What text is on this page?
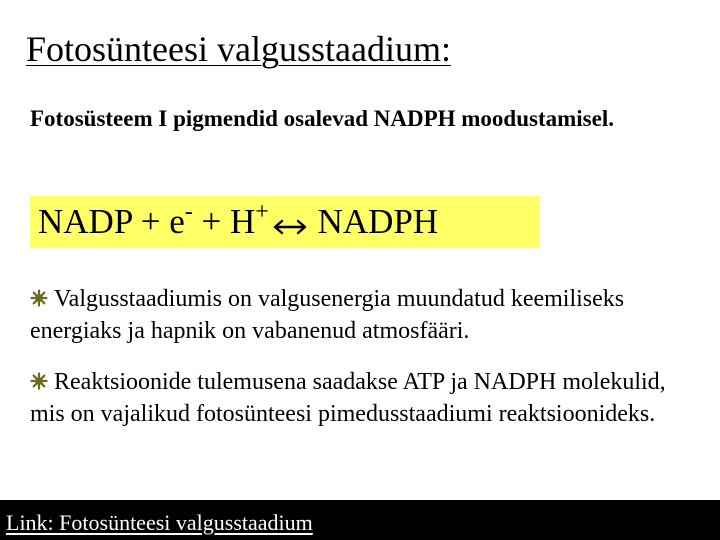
Fotosünteesi valgusstaadium:
Fotosüsteem I pigmendid osalevad NADPH moodustamisel.
NADP + e- + H+ NADPH
Valgusstaadiumis on valgusenergia muundatud keemiliseks energiaks ja hapnik on vabanenud atmosfääri.
Reaktsioonide tulemusena saadakse ATP ja NADPH molekulid, mis on vajalikud fotosünteesi pimedusstaadiumi reaktsioonideks.
Link: Fotosünteesi valgusstaadium
